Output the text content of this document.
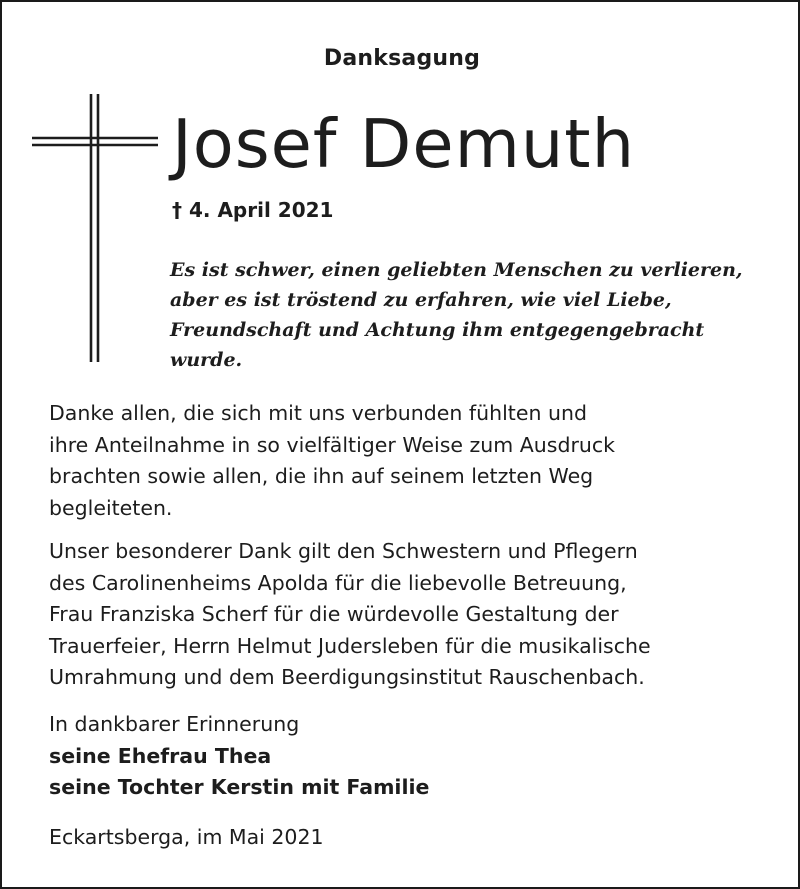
Danksagung
Josef Demuth
† 4. April 2021
Es ist schwer, einen geliebten Menschen zu verlieren,
aber es ist tröstend zu erfahren, wie viel Liebe,
Freundschaft und Achtung ihm entgegengebracht
wurde.
Danke allen, die sich mit uns verbunden fühlten und
ihre Anteilnahme in so vielfältiger Weise zum Ausdruck
brachten sowie allen, die ihn auf seinem letzten Weg
begleiteten.
Unser besonderer Dank gilt den Schwestern und Pflegern
des Carolinenheims Apolda für die liebevolle Betreuung,
Frau Franziska Scherf für die würdevolle Gestaltung der
Trauerfeier, Herrn Helmut Judersleben für die musikalische
Umrahmung und dem Beerdigungsinstitut Rauschenbach.
In dankbarer Erinnerung
seine Ehefrau Thea
seine Tochter Kerstin mit Familie
Eckartsberga, im Mai 2021
